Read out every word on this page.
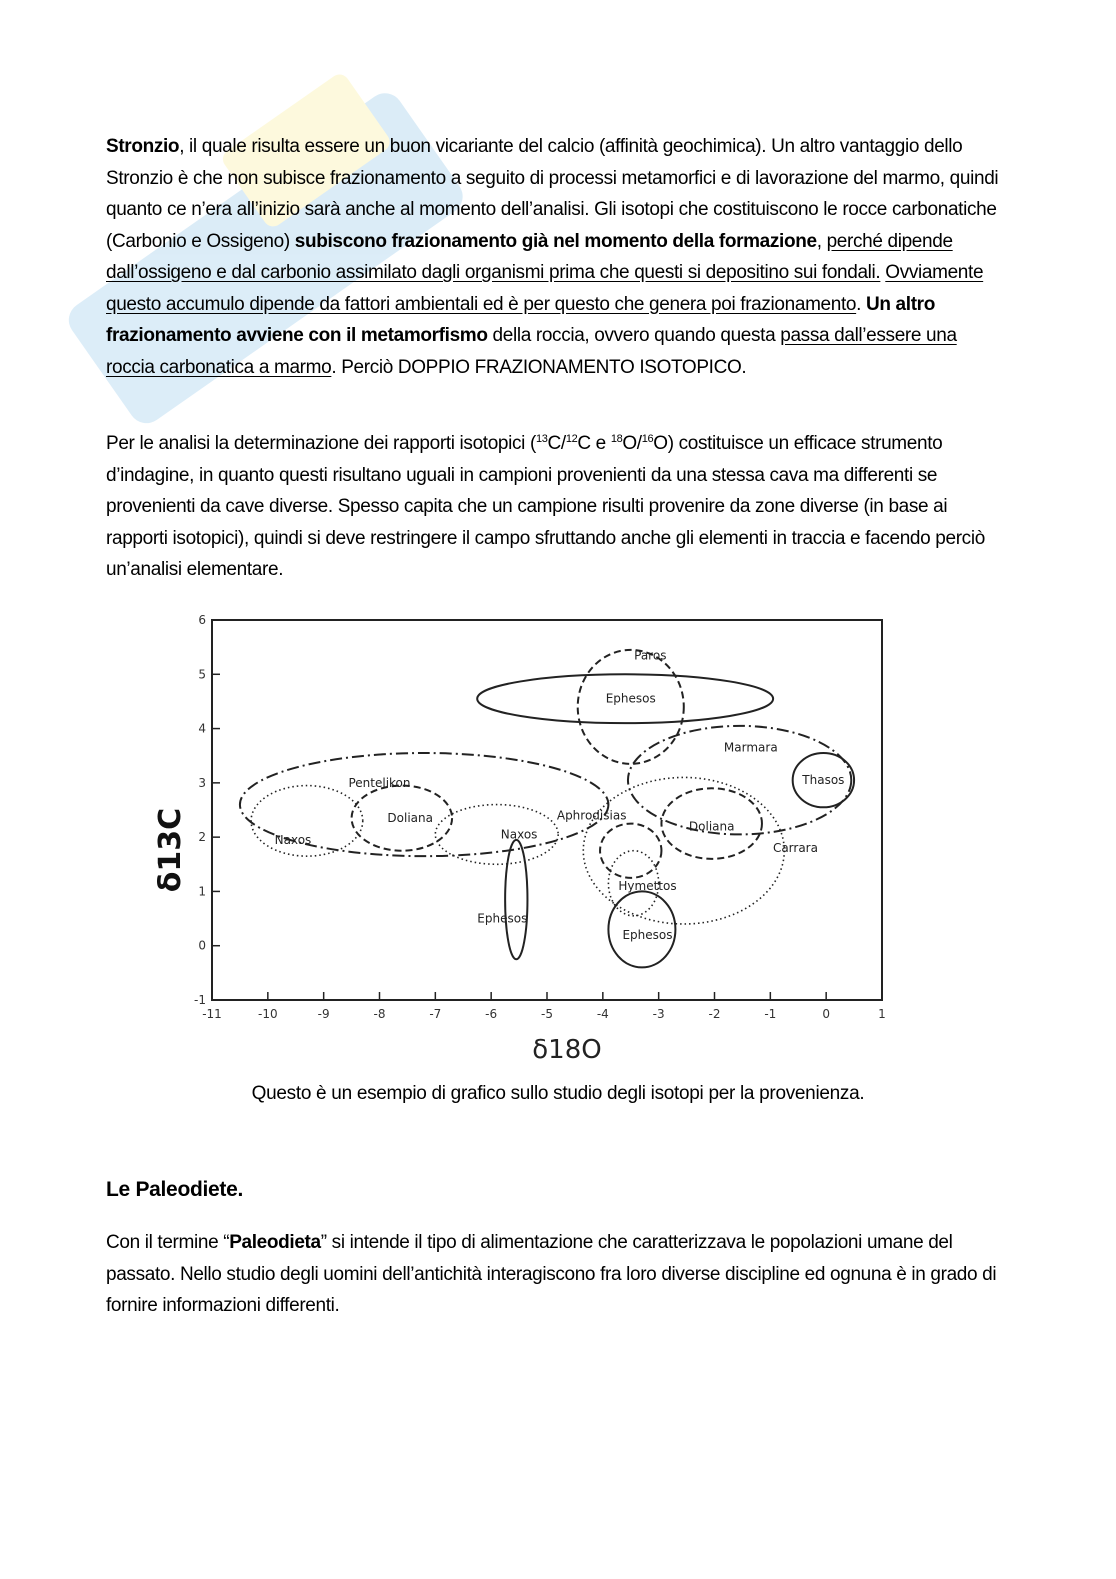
Stronzio, il quale risulta essere un buon vicariante del calcio (affinità geochimica). Un altro vantaggio dello Stronzio è che non subisce frazionamento a seguito di processi metamorfici e di lavorazione del marmo, quindi quanto ce n’era all’inizio sarà anche al momento dell’analisi. Gli isotopi che costituiscono le rocce carbonatiche (Carbonio e Ossigeno) subiscono frazionamento già nel momento della formazione, perché dipende dall’ossigeno e dal carbonio assimilato dagli organismi prima che questi si depositino sui fondali. Ovviamente questo accumulo dipende da fattori ambientali ed è per questo che genera poi frazionamento. Un altro frazionamento avviene con il metamorfismo della roccia, ovvero quando questa passa dall’essere una roccia carbonatica a marmo. Perciò DOPPIO FRAZIONAMENTO ISOTOPICO.
Per le analisi la determinazione dei rapporti isotopici ($^{13}$C/$^{12}$C e $^{18}$O/$^{16}$O) costituisce un efficace strumento d’indagine, in quanto questi risultano uguali in campioni provenienti da una stessa cava ma differenti se provenienti da cave diverse. Spesso capita che un campione risulti provenire da zone diverse (in base ai rapporti isotopici), quindi si deve restringere il campo sfruttando anche gli elementi in traccia e facendo perciò un’analisi elementare.
-11	-10	-9	-8	-7	-6	-5	-4	-3	-2	-1	0	1
-1
0
1
2
3
4
5
6
δ18O
δ13C
Paros
Ephesos
Marmara
Thasos
Doliana
Carrara
Aphrodisias
Hymettos
Ephesos
Pentelikon
Doliana
Naxos	Naxos
Ephesos
Questo è un esempio di grafico sullo studio degli isotopi per la provenienza.
Le Paleodiete.
Con il termine “Paleodieta” si intende il tipo di alimentazione che caratterizzava le popolazioni umane del passato. Nello studio degli uomini dell’antichità interagiscono fra loro diverse discipline ed ognuna è in grado di fornire informazioni differenti.
